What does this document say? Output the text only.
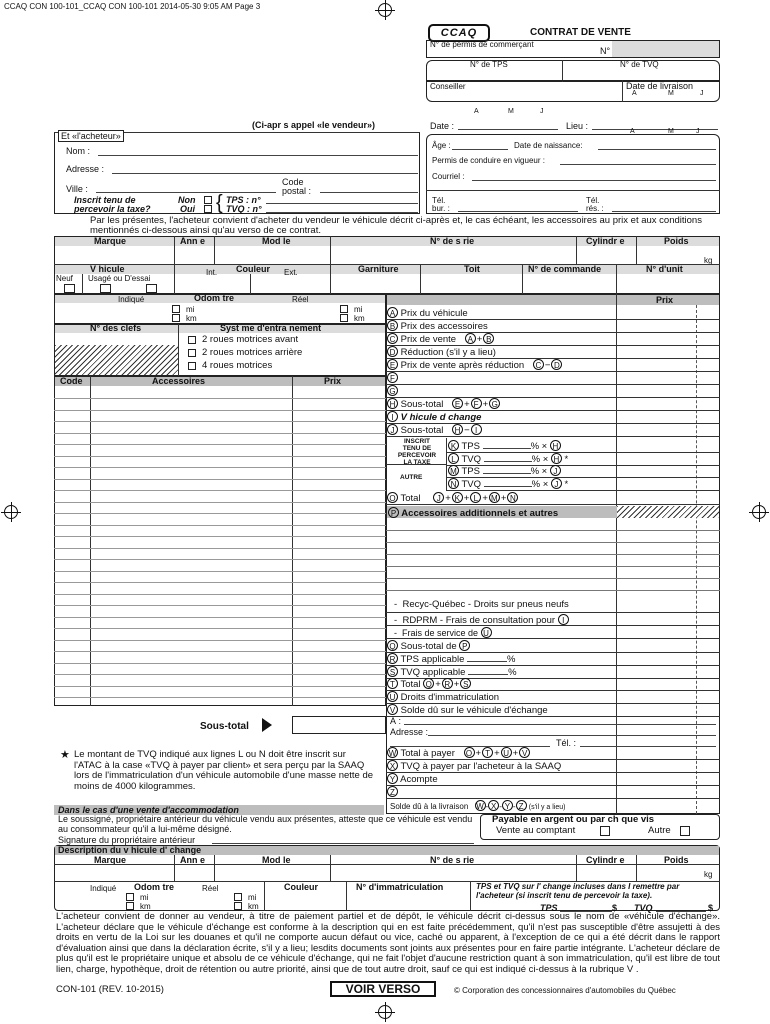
CCAQ CON 100-101_CCAQ CON 100-101 2014-05-30 9:05 AM Page 3
CCAQ	CONTRAT DE VENTE
N° de permis de commerçant
N°
N° de TPS	N° de TVQ
Conseiller	Date de livraison
A	M	J
A	M	J
Date :	Lieu :
(Ci-apr s appel «le vendeur»)
Et «l'acheteur»
Nom :
Adresse :
Ville :
Code
postal :
Inscrit tenu de
percevoir la taxe?
Non
Oui { TPS : n°
TVQ : n°
A	M	J
Âge :	Date de naissance:
Permis de conduire en vigueur :
Courriel :
Tél.
bur. :
Tél.
rés. :
Par les présentes, l'acheteur convient d'acheter du vendeur le véhicule décrit ci-après et, le cas échéant, les accessoires au prix et aux conditions mentionnés ci-dessous ainsi qu'au verso de ce contrat.
Marque	Ann e	Mod le	N° de s rie	Cylindr e	Poids
kg
V hicule
Neuf Usagé ou D'essai
Int. Couleur Ext.	Garniture	Toit	N° de commande	N° d'unit
Odom tre
Indiqué	Réel
mi
km
mi
km
N° des clefs	Syst me d'entra nement
2 roues motrices avant
2 roues motrices arrière
4 roues motrices
Code	Accessoires	Prix
Sous-total
Prix
A Prix du véhicule
B Prix des accessoires
C Prix de vente A + B
D Réduction (s'il y a lieu)
E Prix de vente après réduction C − D
F
G
H Sous-total E + F + G
I V hicule d change
J Sous-total H − I
INSCRIT
TENU DE
PERCEVOIR
LA TAXE
AUTRE
K TPS	% × H
L TVQ	% × H *
M TPS	% × J
N TVQ	% × J *
O Total J + K + L + M + N
P Accessoires additionnels et autres
-  Recyc-Québec - Droits sur pneus neufs
-  RDPRM - Frais de consultation pour I
-  Frais de service de U
Q Sous-total de P
R TPS applicable	%
S TVQ applicable	%
T Total Q + R + S
U Droits d'immatriculation
V Solde dû sur le véhicule d'échange
À :
Adresse :
Tél. :
W Total à payer O + T + U + V
X TVQ à payer par l'acheteur à la SAAQ
Y Acompte
Z
Solde dû à la livraison W - X - Y - Z (s'il y a lieu)
★ Le montant de TVQ indiqué aux lignes L ou N doit être inscrit sur l'ATAC à la case «TVQ à payer par client» et sera perçu par la SAAQ lors de l'immatriculation d'un véhicule automobile d'une masse nette de moins de 4000 kilogrammes.
Dans le cas d'une vente d'accommodation
Le soussigné, propriétaire antérieur du véhicule vendu aux présentes, atteste que ce véhicule est vendu au consommateur qu'il a lui-même désigné.
Signature du propriétaire antérieur
Payable en argent ou par ch que vis
Vente au comptant	Autre
Description du v hicule d' change
Marque	Ann e	Mod le	N° de s rie	Cylindr e	Poids
kg
Indiqué Odom tre	Réel
mi
km
mi
km
Couleur	N° d'immatriculation	TPS et TVQ sur l' change incluses dans I remettre par l'acheteur (si inscrit tenu de percevoir la taxe).
TPS	$ TVQ	$
L'acheteur convient de donner au vendeur, à titre de paiement partiel et de dépôt, le véhicule décrit ci-dessus sous le nom de «véhicule d'échange». L'acheteur déclare que le véhicule d'échange est conforme à la description qui en est faite précédemment, qu'il n'est pas susceptible d'être assujetti à des droits en vertu de la Loi sur les douanes et qu'il ne comporte aucun défaut ou vice, caché ou apparent, à l'exception de ce qui a été décrit dans le rapport d'évaluation ainsi que dans la déclaration écrite, s'il y a lieu; lesdits documents sont joints aux présentes pour en faire partie intégrante. L'acheteur déclare de plus qu'il est le propriétaire unique et absolu de ce véhicule d'échange, qui ne fait l'objet d'aucune restriction quant à son immatriculation, qu'il est libre de tout lien, charge, hypothèque, droit de rétention ou autre priorité, ainsi que de tout autre droit, sauf ce qui est indiqué ci-dessus à la rubrique V .
CON-101 (REV. 10-2015)	VOIR VERSO	© Corporation des concessionnaires d'automobiles du Québec
